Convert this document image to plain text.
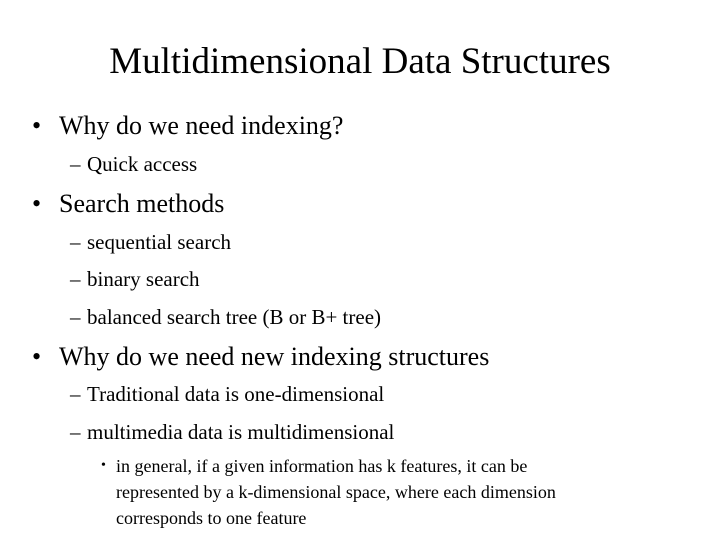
Multidimensional Data Structures
• Why do we need indexing?
– Quick access
• Search methods
– sequential search
– binary search
– balanced search tree (B or B+ tree)
• Why do we need new indexing structures
– Traditional data is one-dimensional
– multimedia data is multidimensional
• in general, if a given information has k features, it can be
represented by a k-dimensional space, where each dimension
corresponds to one feature
